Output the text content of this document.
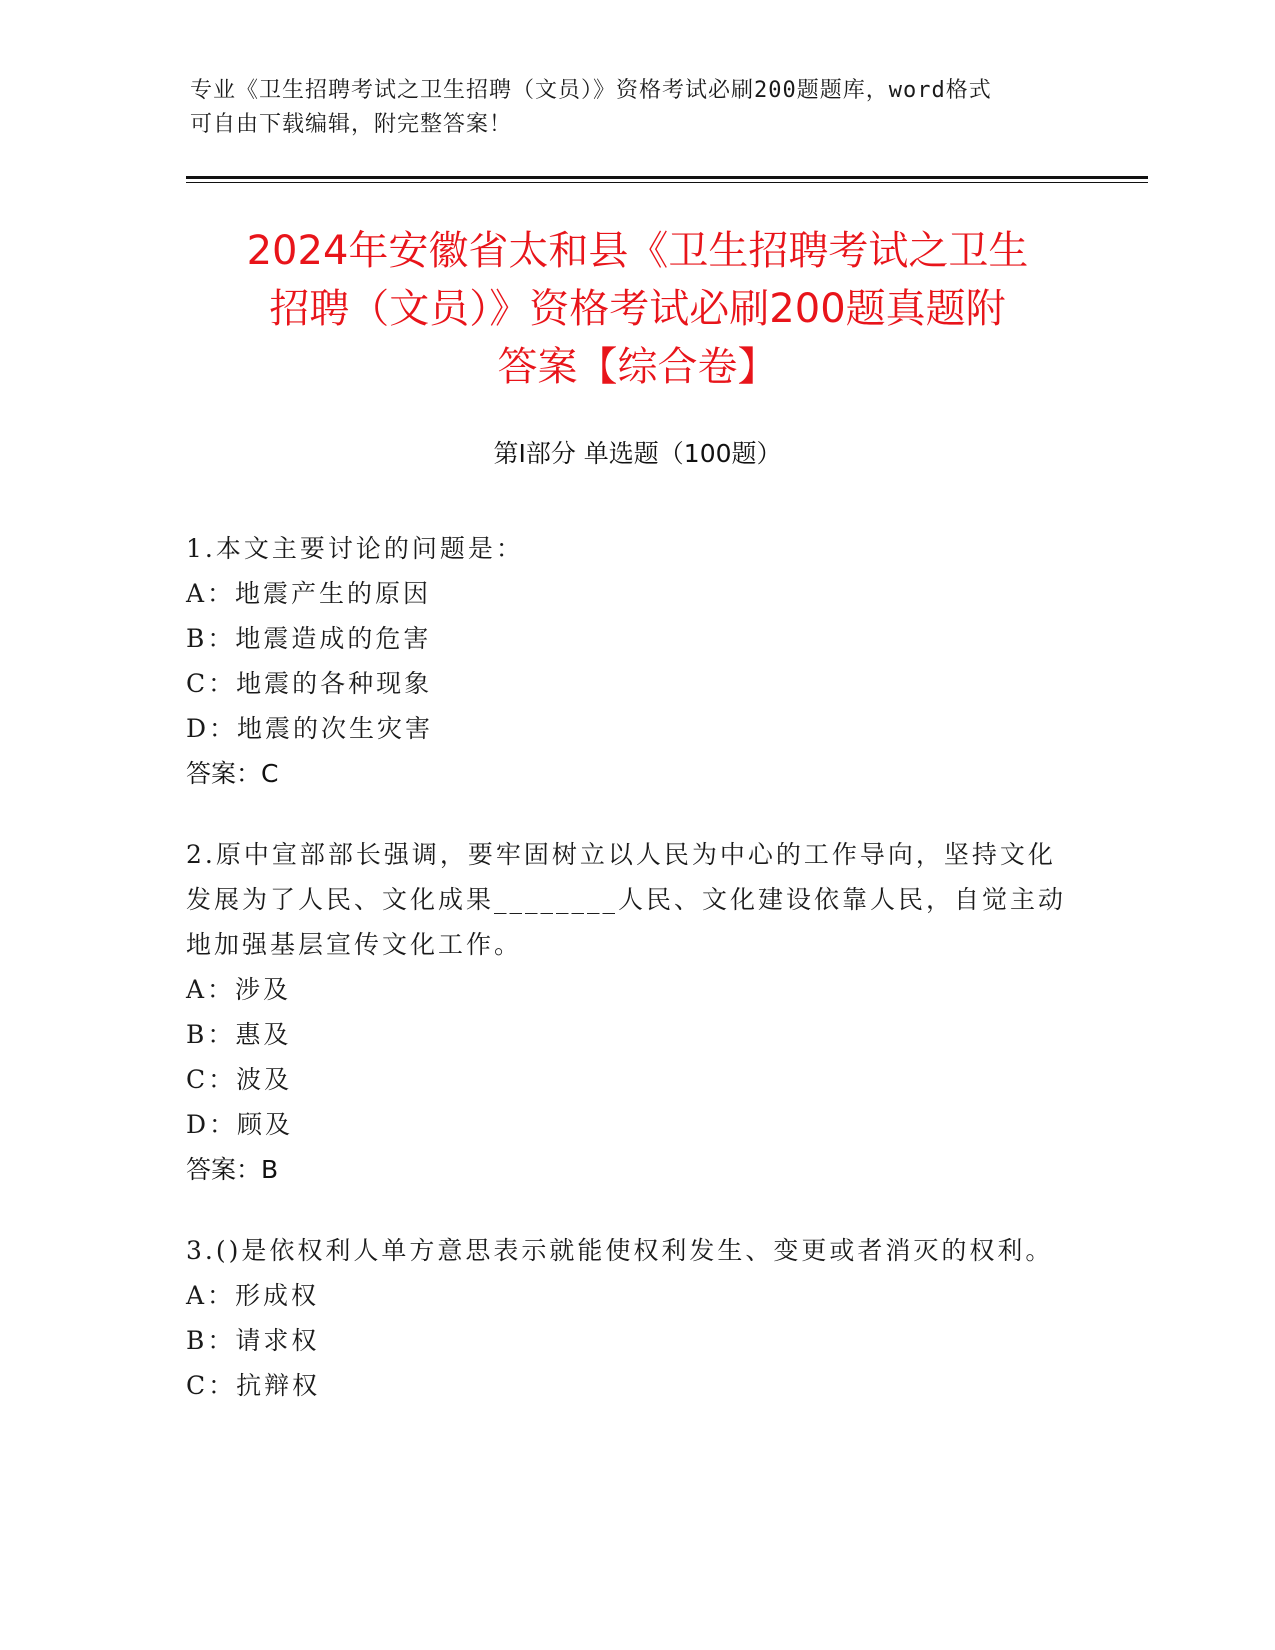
专业《卫生招聘考试之卫生招聘（文员）》资格考试必刷200题题库，word格式
可自由下载编辑，附完整答案！
2024年安徽省太和县《卫生招聘考试之卫生
招聘（文员）》资格考试必刷200题真题附
答案【综合卷】
第Ⅰ部分 单选题（100题）

1.本文主要讨论的问题是：

A：地震产生的原因

B：地震造成的危害

C：地震的各种现象

D：地震的次生灾害

答案：C

2.原中宣部部长强调，要牢固树立以人民为中心的工作导向，坚持文化发展为了人民、文化成果________人民、文化建设依靠人民，自觉主动地加强基层宣传文化工作。

A：涉及

B：惠及

C：波及

D：顾及

答案：B

3.()是依权利人单方意思表示就能使权利发生、变更或者消灭的权利。

A：形成权

B：请求权

C：抗辩权
